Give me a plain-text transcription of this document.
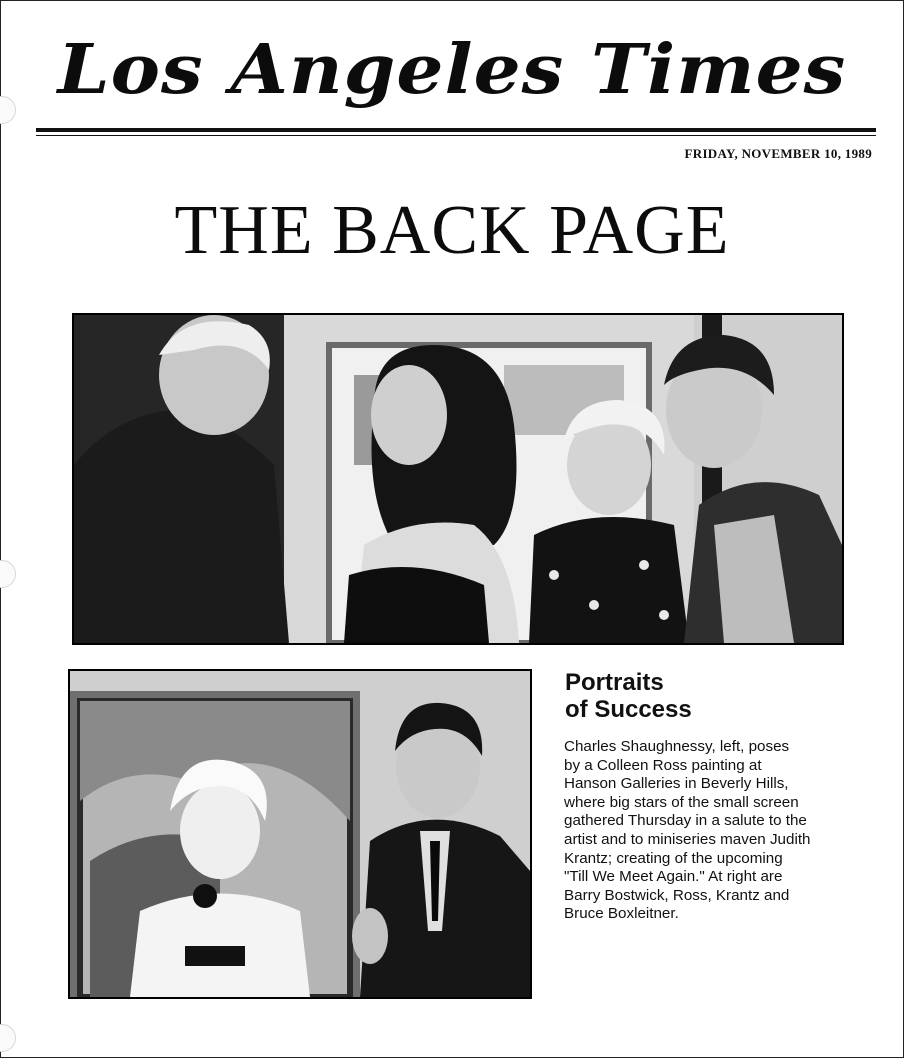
Los Angeles Times
FRIDAY, NOVEMBER 10, 1989
THE BACK PAGE
Portraits
of Success
Charles Shaughnessy, left, poses
by a Colleen Ross painting at
Hanson Galleries in Beverly Hills,
where big stars of the small screen
gathered Thursday in a salute to the
artist and to miniseries maven Judith
Krantz; creating of the upcoming
"Till We Meet Again." At right are
Barry Bostwick, Ross, Krantz and
Bruce Boxleitner.
